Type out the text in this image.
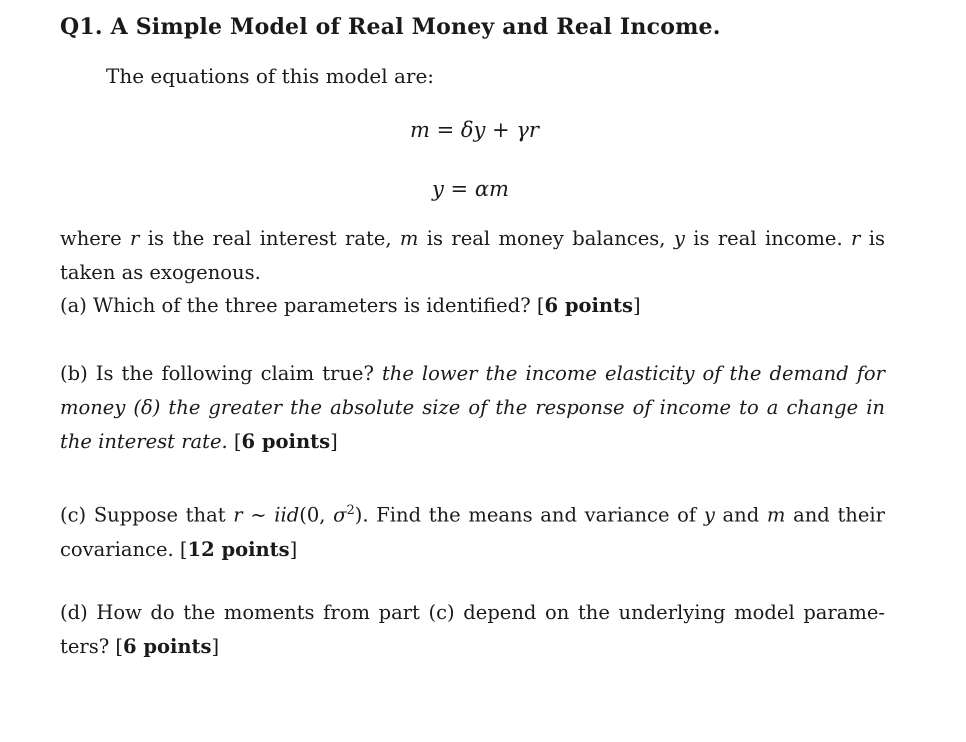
Q1. A Simple Model of Real Money and Real Income.
The equations of this model are:
m = δy + γr
y = αm
where r is the real interest rate, m is real money balances, y is real income. r is taken as exogenous.
(a) Which of the three parameters is identified? [6 points]
(b) Is the following claim true? the lower the income elasticity of the demand for money (δ) the greater the absolute size of the response of income to a change in the interest rate. [6 points]
(c) Suppose that r ∼ iid(0, $\sigma^2$). Find the means and variance of y and m and their covariance. [12 points]
(d) How do the moments from part (c) depend on the underlying model parame-ters? [6 points]
